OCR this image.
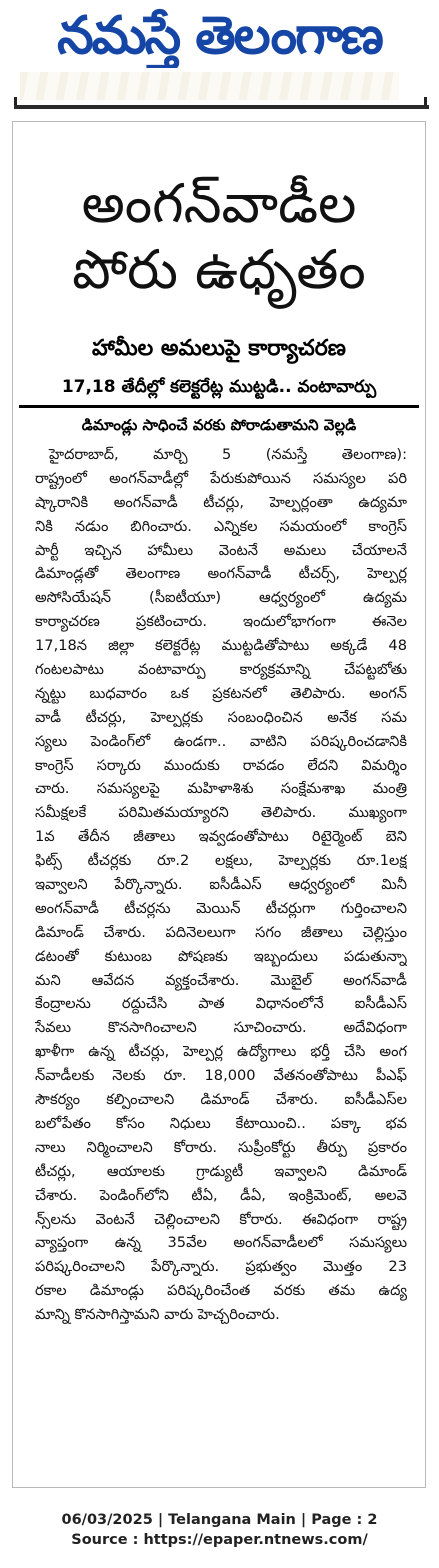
నమస్తే తెలంగాణ
అంగన్‌వాడీల
పోరు ఉధృతం
హామీల అమలుపై కార్యాచరణ
17,18 తేదీల్లో కలెక్టరేట్ల ముట్టడి.. వంటావార్పు
డిమాండ్లు సాధించే వరకు పోరాడుతామని వెల్లడి
హైదరాబాద్, మార్చి 5 (నమస్తే తెలంగాణ):
రాష్ట్రంలో అంగన్‌వాడీల్లో పేరుకుపోయిన సమస్యల పరి
ష్కారానికి అంగన్‌వాడీ టీచర్లు, హెల్పర్లంతా ఉద్యమా
నికి నడుం బిగించారు. ఎన్నికల సమయంలో కాంగ్రెస్
పార్టీ ఇచ్చిన హామీలు వెంటనే అమలు చేయాలనే
డిమాండ్లతో తెలంగాణ అంగన్‌వాడీ టీచర్స్, హెల్పర్ల
అసోసియేషన్ (సీఐటీయూ) ఆధ్వర్యంలో ఉద్యమ
కార్యాచరణ ప్రకటించారు. ఇందులోభాగంగా ఈనెల
17,18న జిల్లా కలెక్టరేట్ల ముట్టడితోపాటు అక్కడే 48
గంటలపాటు వంటావార్పు కార్యక్రమాన్ని చేపట్టబోతు
న్నట్టు బుధవారం ఒక ప్రకటనలో తెలిపారు. అంగన్
వాడీ టీచర్లు, హెల్పర్లకు సంబంధించిన అనేక సమ
స్యలు పెండింగ్‌లో ఉండగా.. వాటిని పరిష్కరించడానికి
కాంగ్రెస్ సర్కారు ముందుకు రావడం లేదని విమర్శిం
చారు. సమస్యలపై మహిళాశిశు సంక్షేమశాఖ మంత్రి
సమీక్షలకే పరిమితమయ్యారని తెలిపారు. ముఖ్యంగా
1వ తేదీన జీతాలు ఇవ్వడంతోపాటు రిటైర్మెంట్ బెని
ఫిట్స్ టీచర్లకు రూ.2 లక్షలు, హెల్పర్లకు రూ.1లక్ష
ఇవ్వాలని పేర్కొన్నారు. ఐసీడీఎస్ ఆధ్వర్యంలో మినీ
అంగన్‌వాడీ టీచర్లను మెయిన్ టీచర్లుగా గుర్తించాలని
డిమాండ్ చేశారు. పదినెలలుగా సగం జీతాలు చెల్లిస్తుం
డటంతో కుటుంబ పోషణకు ఇబ్బందులు పడుతున్నా
మని ఆవేదన వ్యక్తంచేశారు. మొబైల్ అంగన్‌వాడీ
కేంద్రాలను రద్దుచేసి పాత విధానంలోనే ఐసీడీఎస్
సేవలు కొనసాగించాలని సూచించారు. అదేవిధంగా
ఖాళీగా ఉన్న టీచర్లు, హెల్పర్ల ఉద్యోగాలు భర్తీ చేసి అంగ
న్‌వాడీలకు నెలకు రూ. 18,000 వేతనంతోపాటు పీఎఫ్
సౌకర్యం కల్పించాలని డిమాండ్ చేశారు. ఐసీడీఎస్‌ల
బలోపేతం కోసం నిధులు కేటాయించి.. పక్కా భవ
నాలు నిర్మించాలని కోరారు. సుప్రీంకోర్టు తీర్పు ప్రకారం
టీచర్లు, ఆయాలకు గ్రాడ్యుటీ ఇవ్వాలని డిమాండ్
చేశారు. పెండింగ్‌లోని టీఏ, డీఏ, ఇంక్రిమెంట్, అలవె
న్స్‌లను వెంటనే చెల్లించాలని కోరారు. ఈవిధంగా రాష్ట్ర
వ్యాప్తంగా ఉన్న 35వేల అంగన్‌వాడీలలో సమస్యలు
పరిష్కరించాలని పేర్కొన్నారు. ప్రభుత్వం మొత్తం 23
రకాల డిమాండ్లు పరిష్కరించేంత వరకు తమ ఉద్య
మాన్ని కొనసాగిస్తామని వారు హెచ్చరించారు.
06/03/2025 | Telangana Main | Page : 2
Source : https://epaper.ntnews.com/
